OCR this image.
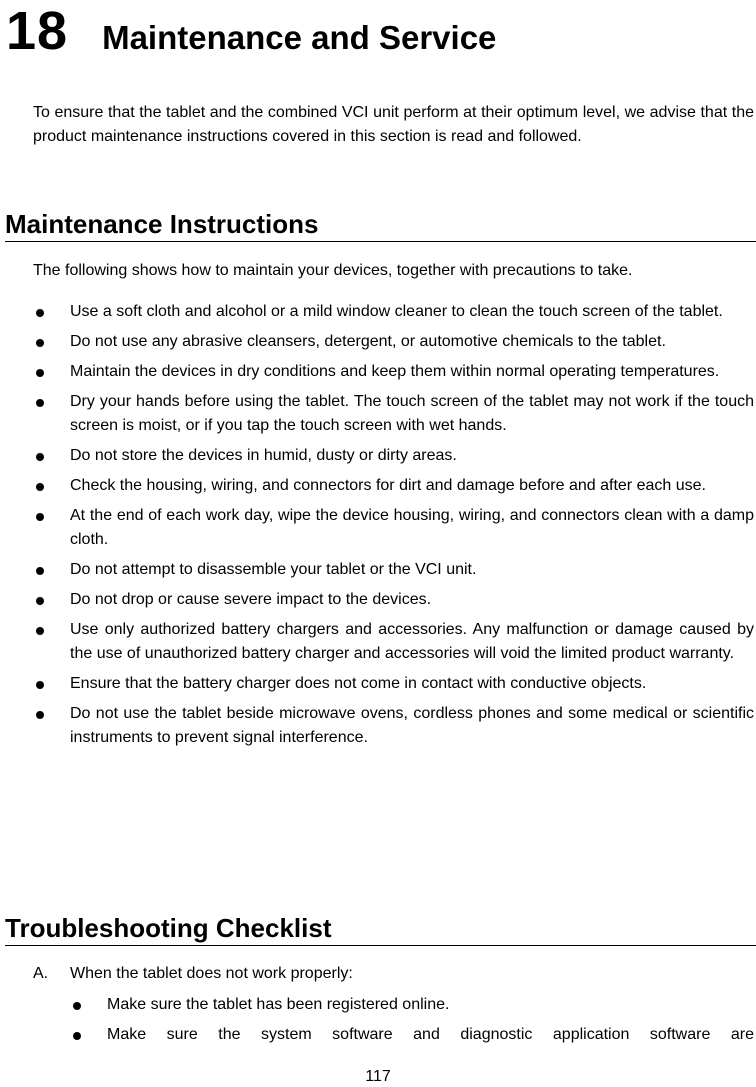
18 Maintenance and Service
To ensure that the tablet and the combined VCI unit perform at their optimum level, we advise that the product maintenance instructions covered in this section is read and followed.
Maintenance Instructions
The following shows how to maintain your devices, together with precautions to take.
Use a soft cloth and alcohol or a mild window cleaner to clean the touch screen of the tablet.
Do not use any abrasive cleansers, detergent, or automotive chemicals to the tablet.
Maintain the devices in dry conditions and keep them within normal operating temperatures.
Dry your hands before using the tablet. The touch screen of the tablet may not work if the touch screen is moist, or if you tap the touch screen with wet hands.
Do not store the devices in humid, dusty or dirty areas.
Check the housing, wiring, and connectors for dirt and damage before and after each use.
At the end of each work day, wipe the device housing, wiring, and connectors clean with a damp cloth.
Do not attempt to disassemble your tablet or the VCI unit.
Do not drop or cause severe impact to the devices.
Use only authorized battery chargers and accessories. Any malfunction or damage caused by the use of unauthorized battery charger and accessories will void the limited product warranty.
Ensure that the battery charger does not come in contact with conductive objects.
Do not use the tablet beside microwave ovens, cordless phones and some medical or scientific instruments to prevent signal interference.
Troubleshooting Checklist
A.	When the tablet does not work properly:
Make sure the tablet has been registered online.
Make sure the system software and diagnostic application software are
117
